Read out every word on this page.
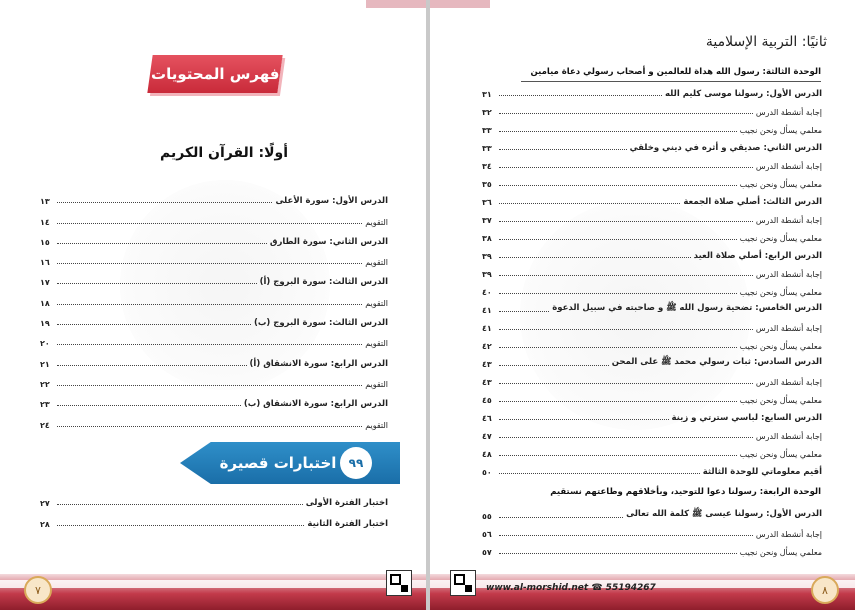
فهرس المحتويات
أولًا: القرآن الكريم
الدرس الأول: سورة الأعلى
١٣
التقويم
١٤
الدرس الثاني: سورة الطارق
١٥
التقويم
١٦
الدرس الثالث: سورة البروج (أ)
١٧
التقويم
١٨
الدرس الثالث: سورة البروج (ب)
١٩
التقويم
٢٠
الدرس الرابع: سورة الانشقاق (أ)
٢١
التقويم
٢٢
الدرس الرابع: سورة الانشقاق (ب)
٢٣
التقويم
٢٤
اختبارات قصيرة	٩٩
اختبار الفترة الأولى
٢٧
اختبار الفترة الثانية
٢٨
٧
ثانيًا: التربية الإسلامية
الوحدة الثالثة: رسول الله هداة للعالمين و أصحاب رسولي دعاة ميامين
الدرس الأول: رسولنا موسى كليم الله
٣١
إجابة أنشطة الدرس
٣٢
معلمي يسأل ونحن نجيب
٣٣
الدرس الثاني: صديقي و أثره في ديني وخلقي
٣٣
إجابة أنشطة الدرس
٣٤
معلمي يسأل ونحن نجيب
٣٥
الدرس الثالث: أصلي صلاة الجمعة
٣٦
إجابة أنشطة الدرس
٣٧
معلمي يسأل ونحن نجيب
٣٨
الدرس الرابع: أصلي صلاة العيد
٣٩
إجابة أنشطة الدرس
٣٩
معلمي يسأل ونحن نجيب
٤٠
الدرس الخامس: تضحية رسول الله ﷺ و صاحبته في سبيل الدعوة
٤١
إجابة أنشطة الدرس
٤١
معلمي يسأل ونحن نجيب
٤٢
الدرس السادس: ثبات رسولي محمد ﷺ على المحن
٤٣
إجابة أنشطة الدرس
٤٣
معلمي يسأل ونحن نجيب
٤٥
الدرس السابع: لباسي سترتي و زينة
٤٦
إجابة أنشطة الدرس
٤٧
معلمي يسأل ونحن نجيب
٤٨
أقيم معلوماتي للوحدة الثالثة
٥٠
الوحدة الرابعة: رسولنا دعوا للتوحيد، وبأخلاقهم وطاعتهم نستقيم
الدرس الأول: رسولنا عيسى ﷺ كلمة الله تعالى
٥٥
إجابة أنشطة الدرس
٥٦
معلمي يسأل ونحن نجيب
٥٧
www.al-morshid.net ☎ 55194267	٨
